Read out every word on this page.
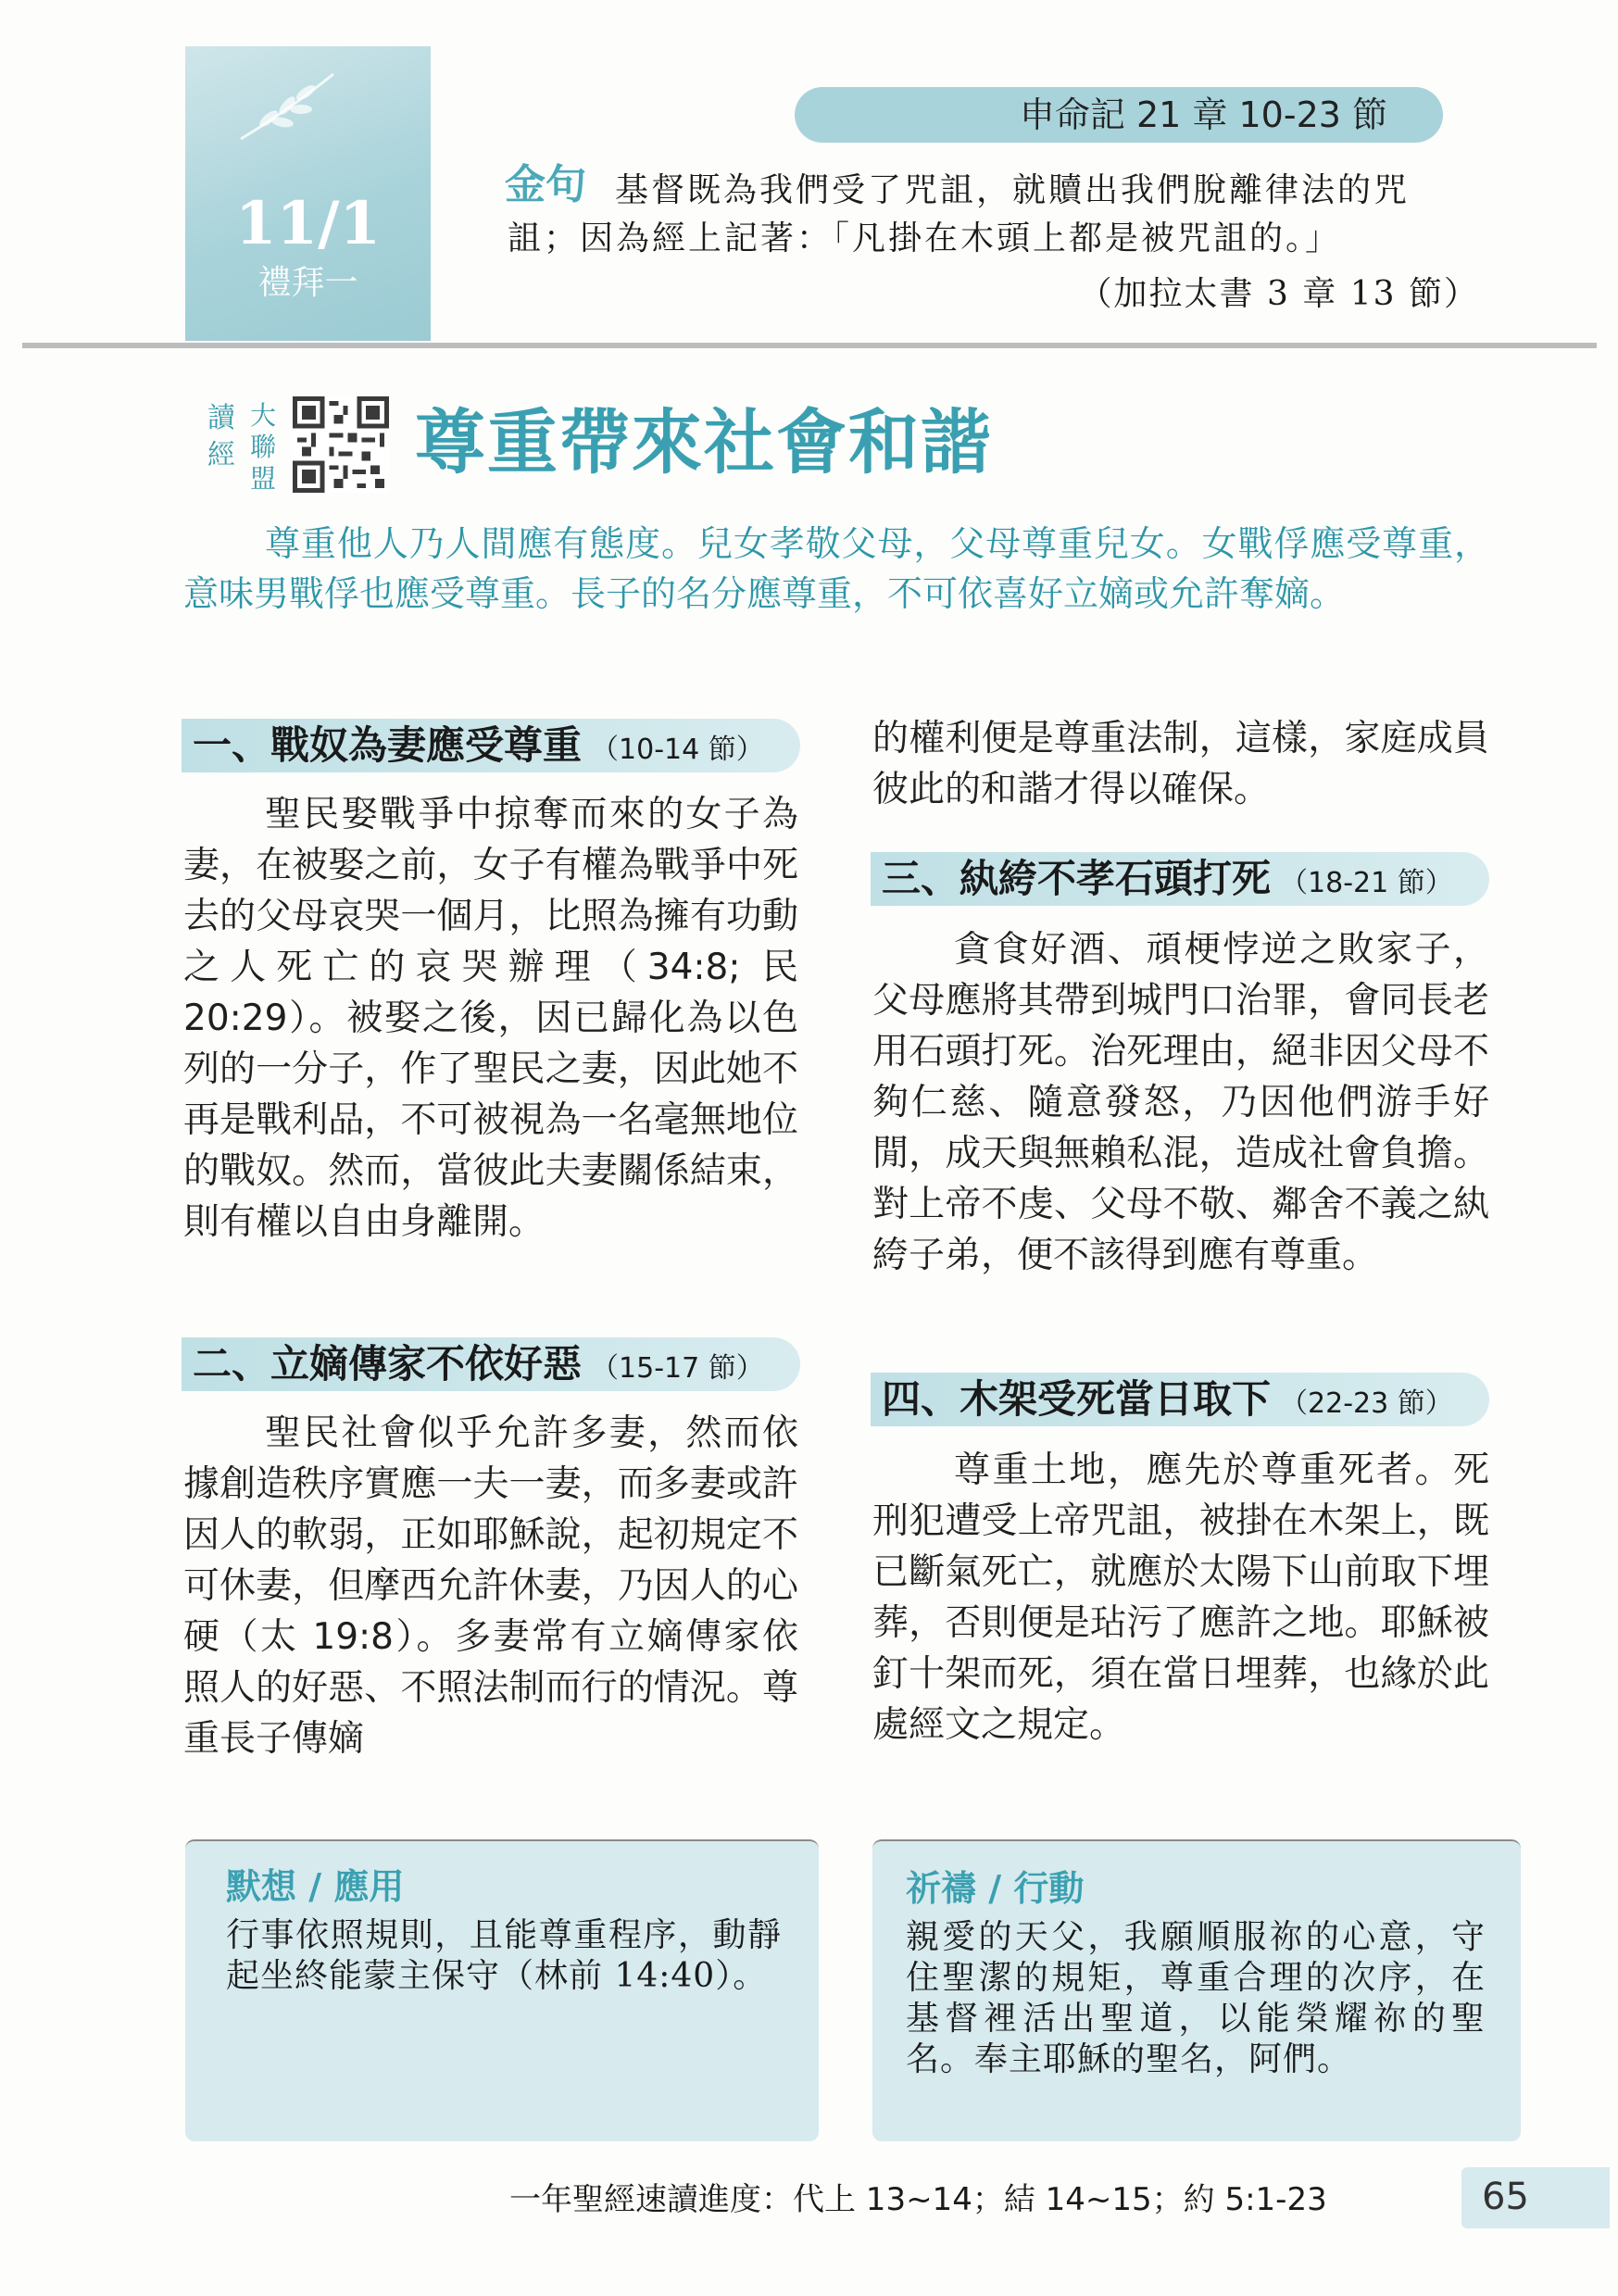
11/1
禮拜一
申命記 21 章 10-23 節
金句 基督既為我們受了咒詛，就贖出我們脫離律法的咒
詛；因為經上記著：「凡掛在木頭上都是被咒詛的。」
（加拉太書 3 章 13 節）
讀經
大聯盟 尊重帶來社會和諧
尊重他人乃人間應有態度。兒女孝敬父母，父母尊重兒女。女戰俘應受尊重，意味男戰俘也應受尊重。長子的名分應尊重，不可依喜好立嫡或允許奪嫡。
一、戰奴為妻應受尊重 （10-14 節）
聖民娶戰爭中掠奪而來的女子為妻，在被娶之前，女子有權為戰爭中死去的父母哀哭一個月，比照為擁有功動之人死亡的哀哭辦理（34:8; 民 20:29）。被娶之後，因已歸化為以色列的一分子，作了聖民之妻，因此她不再是戰利品，不可被視為一名毫無地位的戰奴。然而，當彼此夫妻關係結束，則有權以自由身離開。
二、立嫡傳家不依好惡 （15-17 節）
聖民社會似乎允許多妻，然而依據創造秩序實應一夫一妻，而多妻或許因人的軟弱，正如耶穌說，起初規定不可休妻，但摩西允許休妻，乃因人的心硬（太 19:8）。多妻常有立嫡傳家依照人的好惡、不照法制而行的情況。尊重長子傳嫡
的權利便是尊重法制，這樣，家庭成員彼此的和諧才得以確保。
三、紈絝不孝石頭打死 （18-21 節）
貪食好酒、頑梗悖逆之敗家子，父母應將其帶到城門口治罪，會同長老用石頭打死。治死理由，絕非因父母不夠仁慈、隨意發怒，乃因他們游手好閒，成天與無賴私混，造成社會負擔。對上帝不虔、父母不敬、鄰舍不義之紈絝子弟，便不該得到應有尊重。
四、木架受死當日取下 （22-23 節）
尊重土地，應先於尊重死者。死刑犯遭受上帝咒詛，被掛在木架上，既已斷氣死亡，就應於太陽下山前取下埋葬，否則便是玷污了應許之地。耶穌被釘十架而死，須在當日埋葬，也緣於此處經文之規定。
默想 / 應用
行事依照規則，且能尊重程序，動靜起坐終能蒙主保守（林前 14:40）。
祈禱 / 行動
親愛的天父，我願順服祢的心意，守住聖潔的規矩，尊重合理的次序，在基督裡活出聖道，以能榮耀祢的聖名。奉主耶穌的聖名，阿們。
一年聖經速讀進度：代上 13~14；結 14~15；約 5:1-23	65
